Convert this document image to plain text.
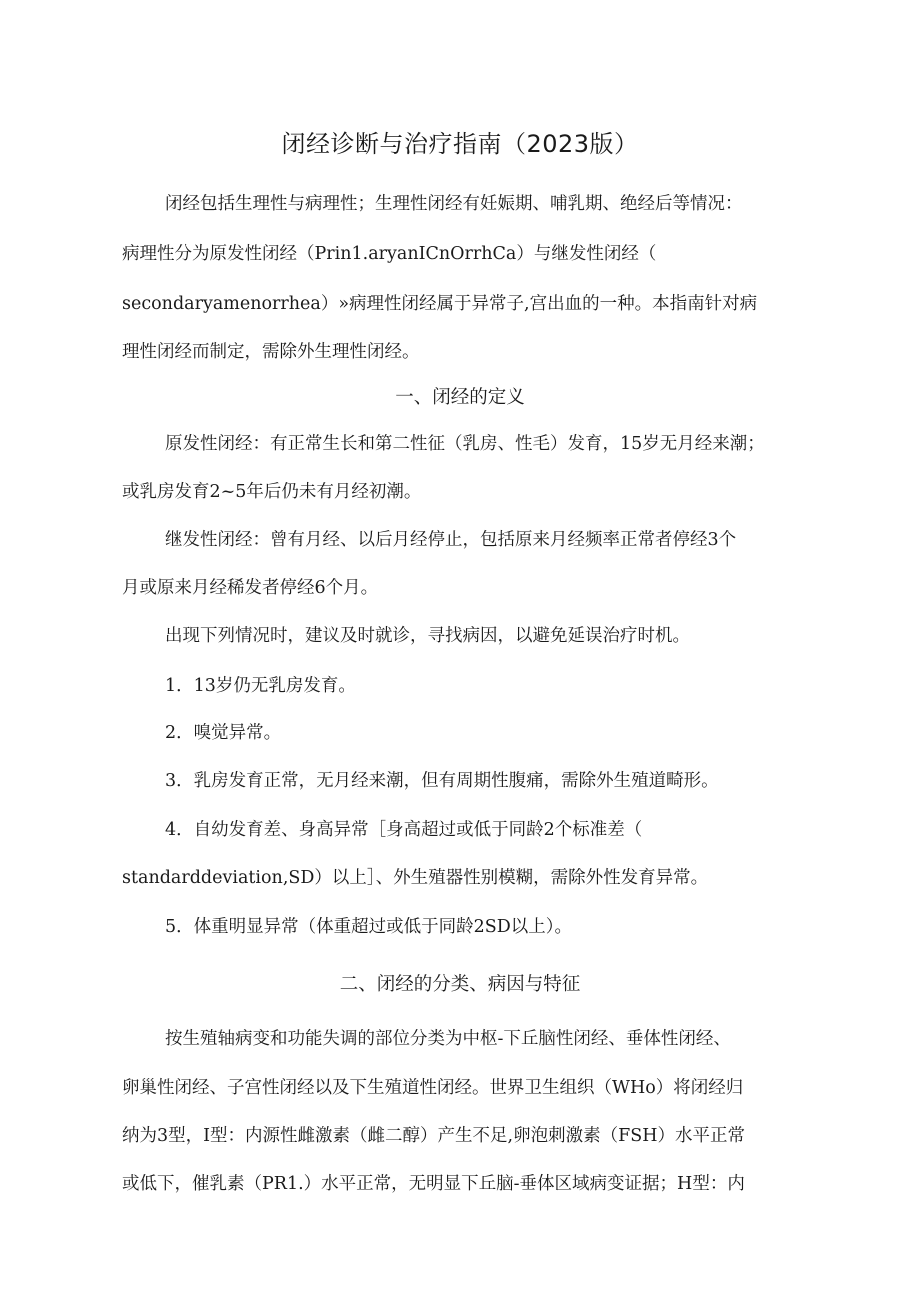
闭经诊断与治疗指南（2023版）
闭经包括生理性与病理性；生理性闭经有妊娠期、哺乳期、绝经后等情况：
病理性分为原发性闭经（Prin1.aryanICnOrrhCa）与继发性闭经（
secondaryamenorrhea）»病理性闭经属于异常子,宫出血的一种。本指南针对病
理性闭经而制定，需除外生理性闭经。
一、闭经的定义
原发性闭经：有正常生长和第二性征（乳房、性毛）发育，15岁无月经来潮；
或乳房发育2~5年后仍未有月经初潮。
继发性闭经：曾有月经、以后月经停止，包括原来月经频率正常者停经3个
月或原来月经稀发者停经6个月。
出现下列情况时，建议及时就诊，寻找病因，以避免延误治疗时机。
1．13岁仍无乳房发育。
2．嗅觉异常。
3．乳房发育正常，无月经来潮，但有周期性腹痛，需除外生殖道畸形。
4．自幼发育差、身高异常［身高超过或低于同龄2个标准差（
standarddeviation,SD）以上］、外生殖器性别模糊，需除外性发育异常。
5．体重明显异常（体重超过或低于同龄2SD以上）。
二、闭经的分类、病因与特征
按生殖轴病变和功能失调的部位分类为中枢-下丘脑性闭经、垂体性闭经、
卵巢性闭经、子宫性闭经以及下生殖道性闭经。世界卫生组织（WHo）将闭经归
纳为3型，I型：内源性雌激素（雌二醇）产生不足,卵泡刺激素（FSH）水平正常
或低下，催乳素（PR1.）水平正常，无明显下丘脑-垂体区域病变证据；H型：内
